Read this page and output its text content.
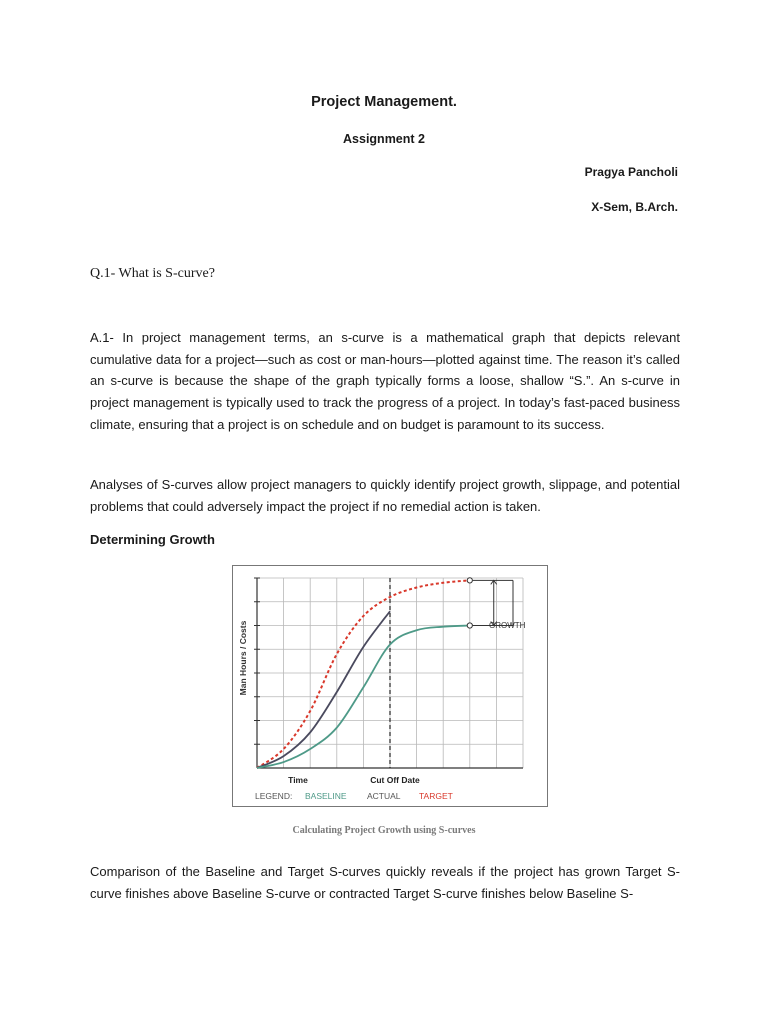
Project Management.
Assignment 2
Pragya Pancholi
X-Sem, B.Arch.
Q.1- What is S-curve?

A.1- In project management terms, an s-curve is a mathematical graph that depicts relevant cumulative data for a project—such as cost or man-hours—plotted against time. The reason it’s called an s-curve is because the shape of the graph typically forms a loose, shallow “S.”. An s-curve in project management is typically used to track the progress of a project. In today’s fast-paced business climate, ensuring that a project is on schedule and on budget is paramount to its success.

Analyses of S-curves allow project managers to quickly identify project growth, slippage, and potential problems that could adversely impact the project if no remedial action is taken.

Determining Growth
Man Hours / Costs
Time	Cut Off Date
GROWTH
LEGEND: BASELINE ACTUAL TARGET
Calculating Project Growth using S-curves

Comparison of the Baseline and Target S-curves quickly reveals if the project has grown Target S-curve finishes above Baseline S-curve or contracted Target S-curve finishes below Baseline S-
